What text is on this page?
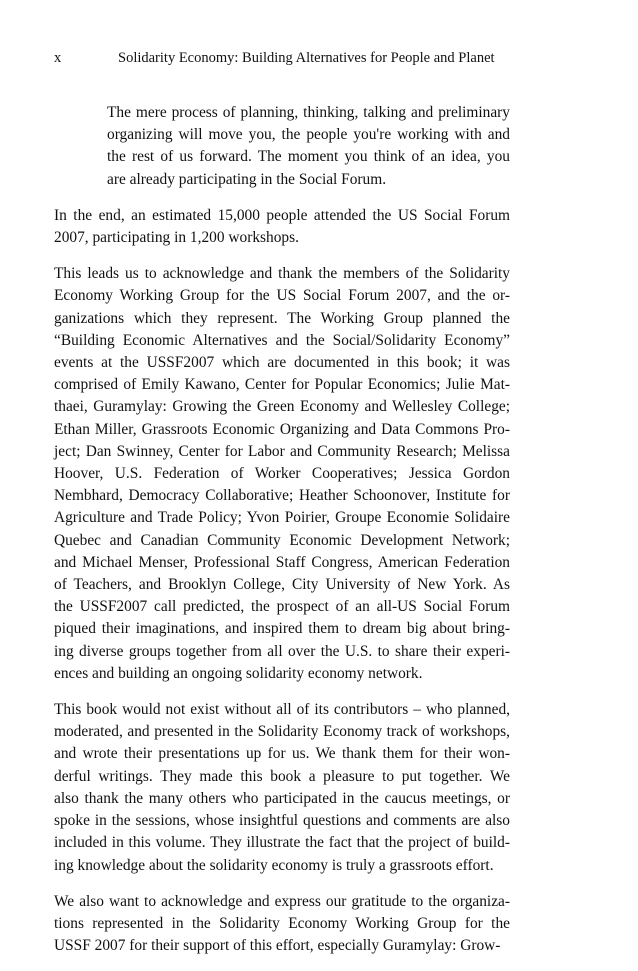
x	Solidarity Economy: Building Alternatives for People and Planet
The mere process of planning, thinking, talking and preliminary
organizing will move you, the people you're working with and
the rest of us forward. The moment you think of an idea, you
are already participating in the Social Forum.
In the end, an estimated 15,000 people attended the US Social Forum
2007, participating in 1,200 workshops.
This leads us to acknowledge and thank the members of the Solidarity
Economy Working Group for the US Social Forum 2007, and the or-
ganizations which they represent. The Working Group planned the
“Building Economic Alternatives and the Social/Solidarity Economy”
events at the USSF2007 which are documented in this book; it was
comprised of Emily Kawano, Center for Popular Economics; Julie Mat-
thaei, Guramylay: Growing the Green Economy and Wellesley College;
Ethan Miller, Grassroots Economic Organizing and Data Commons Pro-
ject; Dan Swinney, Center for Labor and Community Research; Melissa
Hoover, U.S. Federation of Worker Cooperatives; Jessica Gordon
Nembhard, Democracy Collaborative; Heather Schoonover, Institute for
Agriculture and Trade Policy; Yvon Poirier, Groupe Economie Solidaire
Quebec and Canadian Community Economic Development Network;
and Michael Menser, Professional Staff Congress, American Federation
of Teachers, and Brooklyn College, City University of New York. As
the USSF2007 call predicted, the prospect of an all-US Social Forum
piqued their imaginations, and inspired them to dream big about bring-
ing diverse groups together from all over the U.S. to share their experi-
ences and building an ongoing solidarity economy network.
This book would not exist without all of its contributors – who planned,
moderated, and presented in the Solidarity Economy track of workshops,
and wrote their presentations up for us. We thank them for their won-
derful writings. They made this book a pleasure to put together. We
also thank the many others who participated in the caucus meetings, or
spoke in the sessions, whose insightful questions and comments are also
included in this volume. They illustrate the fact that the project of build-
ing knowledge about the solidarity economy is truly a grassroots effort.
We also want to acknowledge and express our gratitude to the organiza-
tions represented in the Solidarity Economy Working Group for the
USSF 2007 for their support of this effort, especially Guramylay: Grow-
